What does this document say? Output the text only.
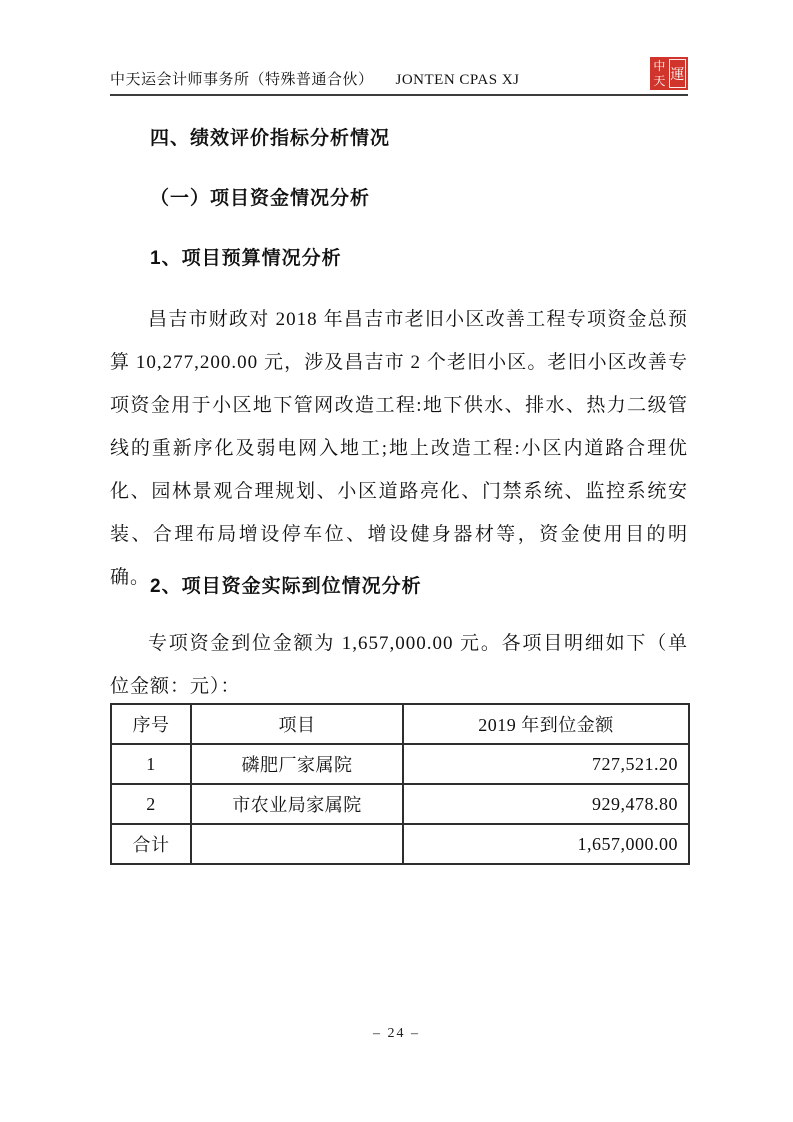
中天运会计师事务所（特殊普通合伙） JONTEN CPAS XJ
中 運
天
四、绩效评价指标分析情况
（一）项目资金情况分析
1、项目预算情况分析

昌吉市财政对 2018 年昌吉市老旧小区改善工程专项资金总预算 10,277,200.00 元，涉及昌吉市 2 个老旧小区。老旧小区改善专项资金用于小区地下管网改造工程:地下供水、排水、热力二级管线的重新序化及弱电网入地工;地上改造工程:小区内道路合理优化、园林景观合理规划、小区道路亮化、门禁系统、监控系统安装、合理布局增设停车位、增设健身器材等，资金使用目的明确。 2、项目资金实际到位情况分析

专项资金到位金额为 1,657,000.00 元。各项目明细如下（单位金额：元）：

序号	项目	2019 年到位金额
1	磷肥厂家属院	727,521.20
2	市农业局家属院	929,478.80
合计		1,657,000.00
– 24 –
